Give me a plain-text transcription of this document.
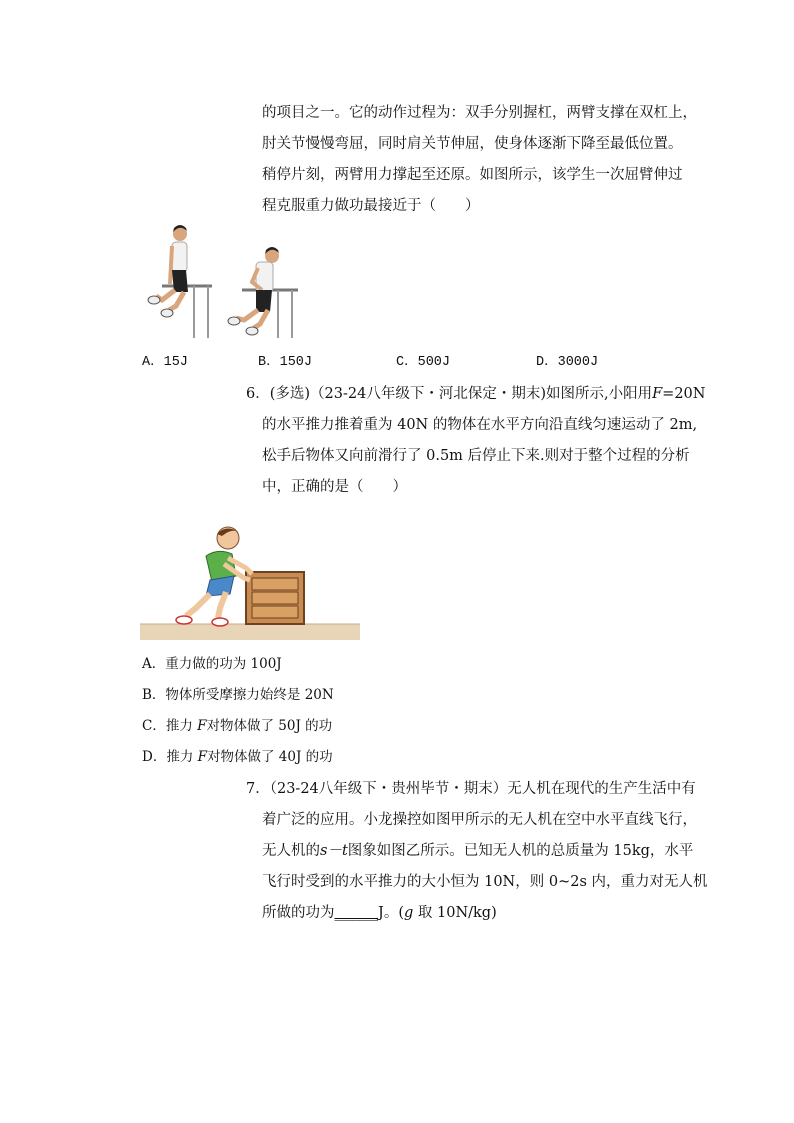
的项目之一。它的动作过程为：双手分别握杠，两臂支撑在双杠上，
肘关节慢慢弯屈，同时肩关节伸屈，使身体逐渐下降至最低位置。
稍停片刻，两臂用力撑起至还原。如图所示，该学生一次屈臂伸过
程克服重力做功最接近于（　　）
A．15J	B．150J	C．500J	D．3000J
6．(多选)（23-24八年级下・河北保定・期末)如图所示,小阳用F=20N
的水平推力推着重为 40N 的物体在水平方向沿直线匀速运动了 2m,
松手后物体又向前滑行了 0.5m 后停止下来.则对于整个过程的分析
中，正确的是（　　）
A．重力做的功为 100J
B．物体所受摩擦力始终是 20N
C．推力 F对物体做了 50J 的功
D．推力 F对物体做了 40J 的功
7．（23-24八年级下・贵州毕节・期末）无人机在现代的生产生活中有
着广泛的应用。小龙操控如图甲所示的无人机在空中水平直线飞行，
无人机的s－t图象如图乙所示。已知无人机的总质量为 15kg，水平
飞行时受到的水平推力的大小恒为 10N，则 0~2s 内，重力对无人机
所做的功为______J。(g 取 10N/kg)
